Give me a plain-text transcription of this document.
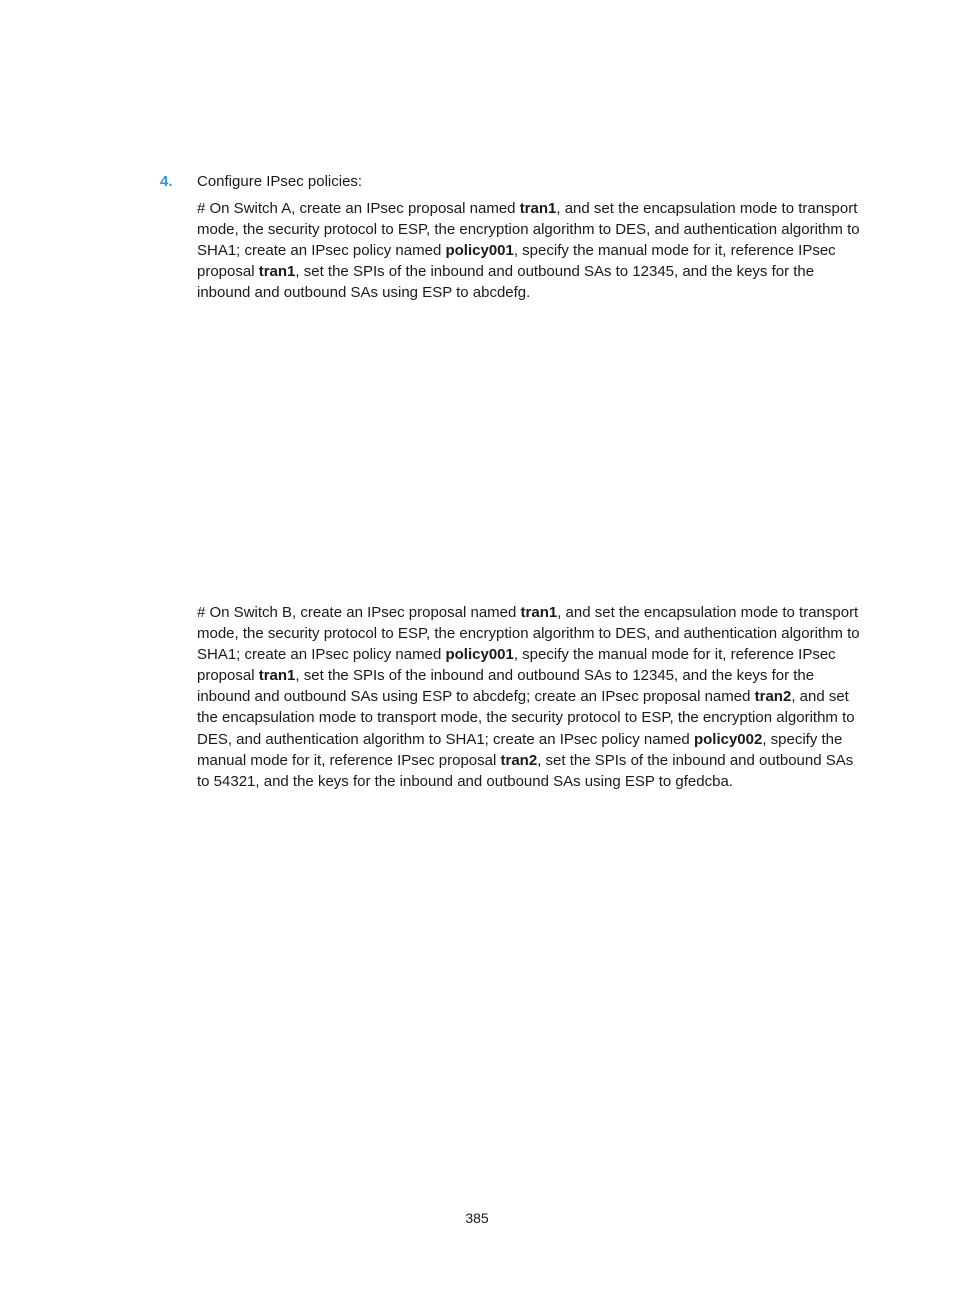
4. Configure IPsec policies:

# On Switch A, create an IPsec proposal named tran1, and set the encapsulation mode to transport mode, the security protocol to ESP, the encryption algorithm to DES, and authentication algorithm to SHA1; create an IPsec policy named policy001, specify the manual mode for it, reference IPsec proposal tran1, set the SPIs of the inbound and outbound SAs to 12345, and the keys for the inbound and outbound SAs using ESP to abcdefg.

# On Switch B, create an IPsec proposal named tran1, and set the encapsulation mode to transport mode, the security protocol to ESP, the encryption algorithm to DES, and authentication algorithm to SHA1; create an IPsec policy named policy001, specify the manual mode for it, reference IPsec proposal tran1, set the SPIs of the inbound and outbound SAs to 12345, and the keys for the inbound and outbound SAs using ESP to abcdefg; create an IPsec proposal named tran2, and set the encapsulation mode to transport mode, the security protocol to ESP, the encryption algorithm to DES, and authentication algorithm to SHA1; create an IPsec policy named policy002, specify the manual mode for it, reference IPsec proposal tran2, set the SPIs of the inbound and outbound SAs to 54321, and the keys for the inbound and outbound SAs using ESP to gfedcba.

385
